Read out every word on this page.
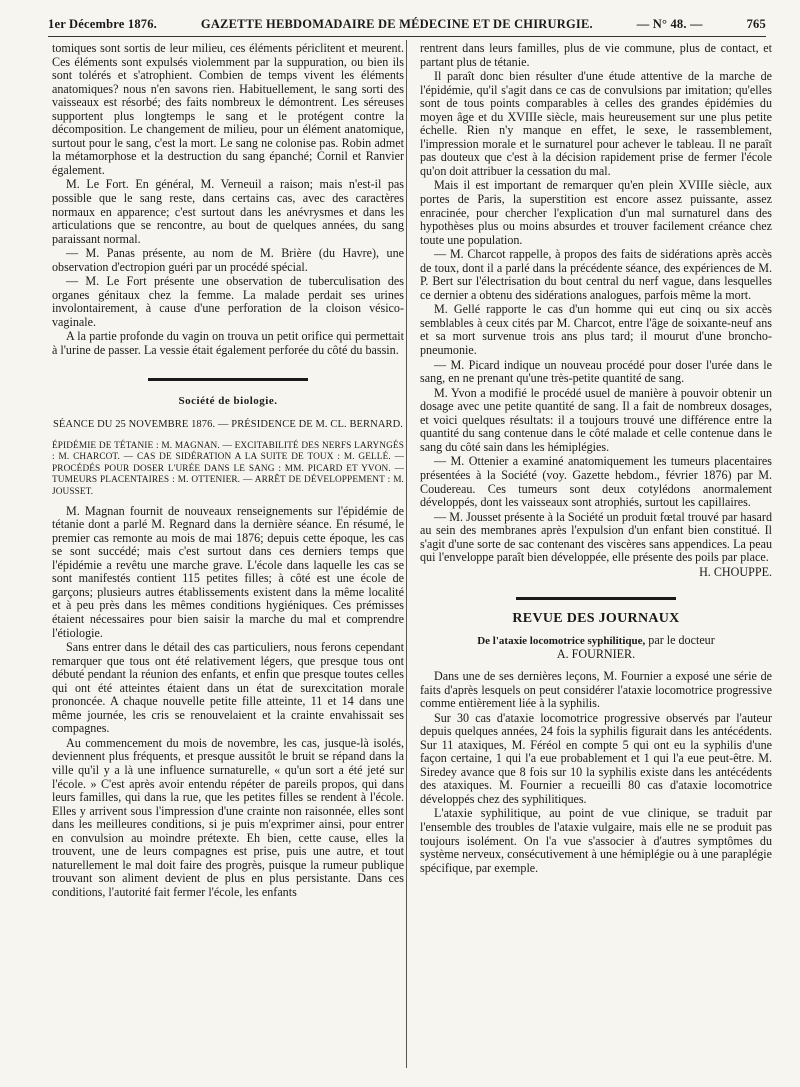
1er Décembre 1876.	GAZETTE HEBDOMADAIRE DE MÉDECINE ET DE CHIRURGIE.	— N° 48. —	765

tomiques sont sortis de leur milieu, ces éléments périclitent et meurent. Ces éléments sont expulsés violemment par la suppuration, ou bien ils sont tolérés et s'atrophient. Combien de temps vivent les éléments anatomiques? nous n'en savons rien. Habituellement, le sang sorti des vaisseaux est résorbé; des faits nombreux le démontrent. Les séreuses supportent plus longtemps le sang et le protégent contre la décomposition. Le changement de milieu, pour un élément anatomique, surtout pour le sang, c'est la mort. Le sang ne colonise pas. Robin admet la métamorphose et la destruction du sang épanché; Cornil et Ranvier également.

M. Le Fort. En général, M. Verneuil a raison; mais n'est-il pas possible que le sang reste, dans certains cas, avec des caractères normaux en apparence; c'est surtout dans les anévrysmes et dans les articulations que se rencontre, au bout de quelques années, du sang paraissant normal.

— M. Panas présente, au nom de M. Brière (du Havre), une observation d'ectropion guéri par un procédé spécial.

— M. Le Fort présente une observation de tuberculisation des organes génitaux chez la femme. La malade perdait ses urines involontairement, à cause d'une perforation de la cloison vésico-vaginale.

A la partie profonde du vagin on trouva un petit orifice qui permettait à l'urine de passer. La vessie était également perforée du côté du bassin.

Société de biologie.
SÉANCE DU 25 NOVEMBRE 1876. — PRÉSIDENCE DE M. CL. BERNARD.
ÉPIDÉMIE DE TÉTANIE : M. MAGNAN. — EXCITABILITÉ DES NERFS LARYNGÉS : M. CHARCOT. — CAS DE SIDÉRATION A LA SUITE DE TOUX : M. GELLÉ. — PROCÉDÉS POUR DOSER L'URÉE DANS LE SANG : MM. PICARD ET YVON. — TUMEURS PLACENTAIRES : M. OTTENIER. — ARRÊT DE DÉVELOPPEMENT : M. JOUSSET.

M. Magnan fournit de nouveaux renseignements sur l'épidémie de tétanie dont a parlé M. Regnard dans la dernière séance. En résumé, le premier cas remonte au mois de mai 1876; depuis cette époque, les cas se sont succédé; mais c'est surtout dans ces derniers temps que l'épidémie a revêtu une marche grave. L'école dans laquelle les cas se sont manifestés contient 115 petites filles; à côté est une école de garçons; plusieurs autres établissements existent dans la même localité et à peu près dans les mêmes conditions hygiéniques. Ces prémisses étaient nécessaires pour bien saisir la marche du mal et comprendre l'étiologie.

Sans entrer dans le détail des cas particuliers, nous ferons cependant remarquer que tous ont été relativement légers, que presque tous ont débuté pendant la réunion des enfants, et enfin que presque toutes celles qui ont été atteintes étaient dans un état de surexcitation morale prononcée. A chaque nouvelle petite fille atteinte, 11 et 14 dans une même journée, les cris se renouvelaient et la crainte envahissait ses compagnes.

Au commencement du mois de novembre, les cas, jusque-là isolés, deviennent plus fréquents, et presque aussitôt le bruit se répand dans la ville qu'il y a là une influence surnaturelle, « qu'un sort a été jeté sur l'école. » C'est après avoir entendu répéter de pareils propos, qui dans leurs familles, qui dans la rue, que les petites filles se rendent à l'école. Elles y arrivent sous l'impression d'une crainte non raisonnée, elles sont dans les meilleures conditions, si je puis m'exprimer ainsi, pour entrer en convulsion au moindre prétexte. Eh bien, cette cause, elles la trouvent, une de leurs compagnes est prise, puis une autre, et tout naturellement le mal doit faire des progrès, puisque la rumeur publique trouvant son aliment devient de plus en plus persistante. Dans ces conditions, l'autorité fait fermer l'école, les enfants

rentrent dans leurs familles, plus de vie commune, plus de contact, et partant plus de tétanie.

Il paraît donc bien résulter d'une étude attentive de la marche de l'épidémie, qu'il s'agit dans ce cas de convulsions par imitation; qu'elles sont de tous points comparables à celles des grandes épidémies du moyen âge et du XVIIIe siècle, mais heureusement sur une plus petite échelle. Rien n'y manque en effet, le sexe, le rassemblement, l'impression morale et le surnaturel pour achever le tableau. Il ne paraît pas douteux que c'est à la décision rapidement prise de fermer l'école qu'on doit attribuer la cessation du mal.

Mais il est important de remarquer qu'en plein XVIIIe siècle, aux portes de Paris, la superstition est encore assez puissante, assez enracinée, pour chercher l'explication d'un mal surnaturel dans des hypothèses plus ou moins absurdes et trouver facilement créance chez toute une population.

— M. Charcot rappelle, à propos des faits de sidérations après accès de toux, dont il a parlé dans la précédente séance, des expériences de M. P. Bert sur l'électrisation du bout central du nerf vague, dans lesquelles ce dernier a obtenu des sidérations analogues, parfois même la mort.

M. Gellé rapporte le cas d'un homme qui eut cinq ou six accès semblables à ceux cités par M. Charcot, entre l'âge de soixante-neuf ans et sa mort survenue trois ans plus tard; il mourut d'une broncho-pneumonie.

— M. Picard indique un nouveau procédé pour doser l'urée dans le sang, en ne prenant qu'une très-petite quantité de sang.

M. Yvon a modifié le procédé usuel de manière à pouvoir obtenir un dosage avec une petite quantité de sang. Il a fait de nombreux dosages, et voici quelques résultats: il a toujours trouvé une différence entre la quantité du sang contenue dans le côté malade et celle contenue dans le sang du côté sain dans les hémiplégies.

— M. Ottenier a examiné anatomiquement les tumeurs placentaires présentées à la Société (voy. Gazette hebdom., février 1876) par M. Coudereau. Ces tumeurs sont deux cotylédons anormalement développés, dont les vaisseaux sont atrophiés, surtout les capillaires.

— M. Jousset présente à la Société un produit fœtal trouvé par hasard au sein des membranes après l'expulsion d'un enfant bien constitué. Il s'agit d'une sorte de sac contenant des viscères sans appendices. La peau qui l'enveloppe paraît bien développée, elle présente des poils par place.

H. CHOUPPE.
REVUE DES JOURNAUX
De l'ataxie locomotrice syphilitique, par le docteur
A. FOURNIER.

Dans une de ses dernières leçons, M. Fournier a exposé une série de faits d'après lesquels on peut considérer l'ataxie locomotrice progressive comme entièrement liée à la syphilis.

Sur 30 cas d'ataxie locomotrice progressive observés par l'auteur depuis quelques années, 24 fois la syphilis figurait dans les antécédents. Sur 11 ataxiques, M. Féréol en compte 5 qui ont eu la syphilis d'une façon certaine, 1 qui l'a eue probablement et 1 qui l'a eue peut-être. M. Siredey avance que 8 fois sur 10 la syphilis existe dans les antécédents des ataxiques. M. Fournier a recueilli 80 cas d'ataxie locomotrice développés chez des syphilitiques.

L'ataxie syphilitique, au point de vue clinique, se traduit par l'ensemble des troubles de l'ataxie vulgaire, mais elle ne se produit pas toujours isolément. On l'a vue s'associer à d'autres symptômes du système nerveux, consécutivement à une hémiplégie ou à une paraplégie spécifique, par exemple.
